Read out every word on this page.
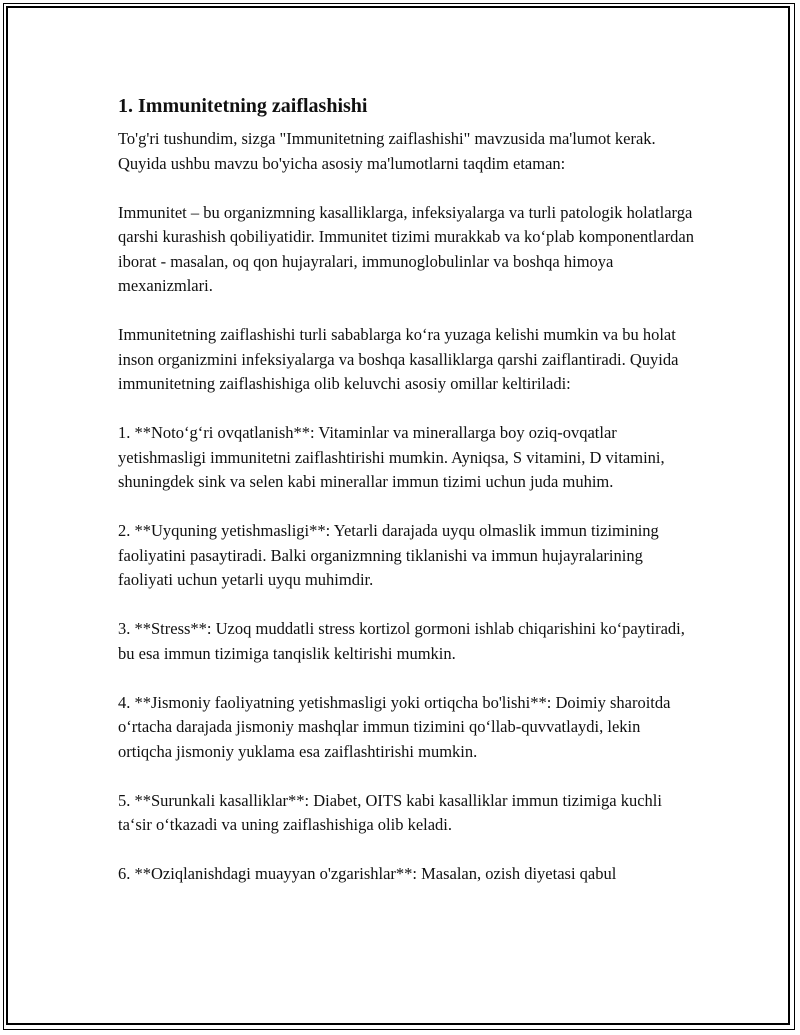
1. Immunitetning zaiflashishi

To'g'ri tushundim, sizga "Immunitetning zaiflashishi" mavzusida ma'lumot kerak. Quyida ushbu mavzu bo'yicha asosiy ma'lumotlarni taqdim etaman:

Immunitet – bu organizmning kasalliklarga, infeksiyalarga va turli patologik holatlarga qarshi kurashish qobiliyatidir. Immunitet tizimi murakkab va ko‘plab komponentlardan iborat - masalan, oq qon hujayralari, immunoglobulinlar va boshqa himoya mexanizmlari.

Immunitetning zaiflashishi turli sabablarga ko‘ra yuzaga kelishi mumkin va bu holat inson organizmini infeksiyalarga va boshqa kasalliklarga qarshi zaiflantiradi. Quyida immunitetning zaiflashishiga olib keluvchi asosiy omillar keltiriladi:

1. **Noto‘g‘ri ovqatlanish**: Vitaminlar va minerallarga boy oziq-ovqatlar yetishmasligi immunitetni zaiflashtirishi mumkin. Ayniqsa, S vitamini, D vitamini, shuningdek sink va selen kabi minerallar immun tizimi uchun juda muhim.

2. **Uyquning yetishmasligi**: Yetarli darajada uyqu olmaslik immun tizimining faoliyatini pasaytiradi. Balki organizmning tiklanishi va immun hujayralarining faoliyati uchun yetarli uyqu muhimdir.

3. **Stress**: Uzoq muddatli stress kortizol gormoni ishlab chiqarishini ko‘paytiradi, bu esa immun tizimiga tanqislik keltirishi mumkin.

4. **Jismoniy faoliyatning yetishmasligi yoki ortiqcha bo'lishi**: Doimiy sharoitda o‘rtacha darajada jismoniy mashqlar immun tizimini qo‘llab-quvvatlaydi, lekin ortiqcha jismoniy yuklama esa zaiflashtirishi mumkin.

5. **Surunkali kasalliklar**: Diabet, OITS kabi kasalliklar immun tizimiga kuchli ta‘sir o‘tkazadi va uning zaiflashishiga olib keladi.

6. **Oziqlanishdagi muayyan o'zgarishlar**: Masalan, ozish diyetasi qabul
